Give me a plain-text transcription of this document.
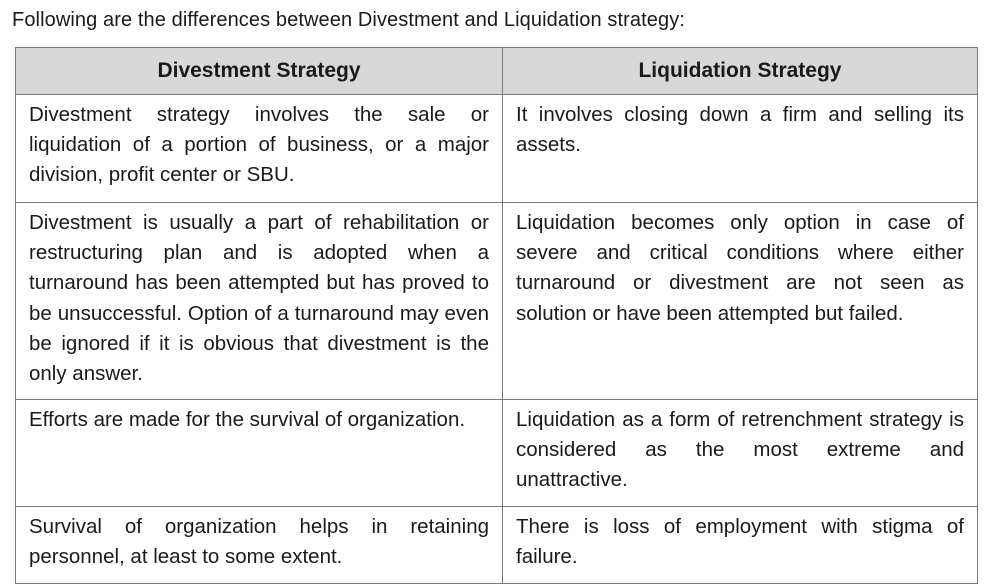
Following are the differences between Divestment and Liquidation strategy:
Divestment Strategy	Liquidation Strategy
Divestment strategy involves the sale or liquidation of a portion of business, or a major division, profit center or SBU.	It involves closing down a firm and selling its assets.
Divestment is usually a part of rehabilitation or restructuring plan and is adopted when a turnaround has been attempted but has proved to be unsuccessful. Option of a turnaround may even be ignored if it is obvious that divestment is the only answer.	Liquidation becomes only option in case of severe and critical conditions where either turnaround or divestment are not seen as solution or have been attempted but failed.
Efforts are made for the survival of organization.	Liquidation as a form of retrenchment strategy is considered as the most extreme and unattractive.
Survival of organization helps in retaining personnel, at least to some extent.	There is loss of employment with stigma of failure.
